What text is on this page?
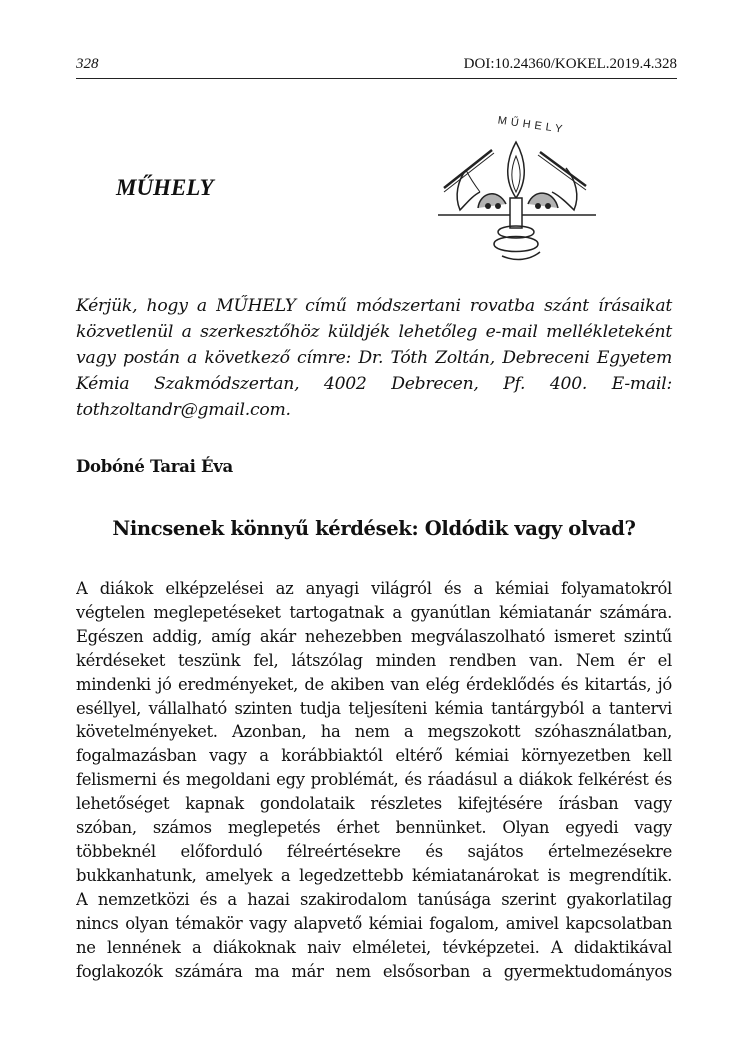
328	DOI:10.24360/KOKEL.2019.4.328
MŰHELY
MŰHELY
Kérjük, hogy a MŰHELY című módszertani rovatba szánt írásaikat
közvetlenül a szerkesztőhöz küldjék lehetőleg e-mail mellékleteként
vagy postán a következő címre: Dr. Tóth Zoltán, Debreceni Egyetem
Kémia Szakmódszertan, 4002 Debrecen, Pf. 400. E-mail:
tothzoltandr@gmail.com.
Dobóné Tarai Éva
Nincsenek könnyű kérdések: Oldódik vagy olvad?
A diákok elképzelései az anyagi világról és a kémiai folyamatokról
végtelen meglepetéseket tartogatnak a gyanútlan kémiatanár számára.
Egészen addig, amíg akár nehezebben megválaszolható ismeret szintű
kérdéseket teszünk fel, látszólag minden rendben van. Nem ér el
mindenki jó eredményeket, de akiben van elég érdeklődés és kitartás, jó
eséllyel, vállalható szinten tudja teljesíteni kémia tantárgyból a tantervi
követelményeket. Azonban, ha nem a megszokott szóhasználatban,
fogalmazásban vagy a korábbiaktól eltérő kémiai környezetben kell
felismerni és megoldani egy problémát, és ráadásul a diákok felkérést és
lehetőséget kapnak gondolataik részletes kifejtésére írásban vagy
szóban, számos meglepetés érhet bennünket. Olyan egyedi vagy
többeknél előforduló félreértésekre és sajátos értelmezésekre
bukkanhatunk, amelyek a legedzettebb kémiatanárokat is megrendítik.
A nemzetközi és a hazai szakirodalom tanúsága szerint gyakorlatilag
nincs olyan témakör vagy alapvető kémiai fogalom, amivel kapcsolatban
ne lennének a diákoknak naiv elméletei, tévképzetei. A didaktikával
foglakozók számára ma már nem elsősorban a gyermektudományos
